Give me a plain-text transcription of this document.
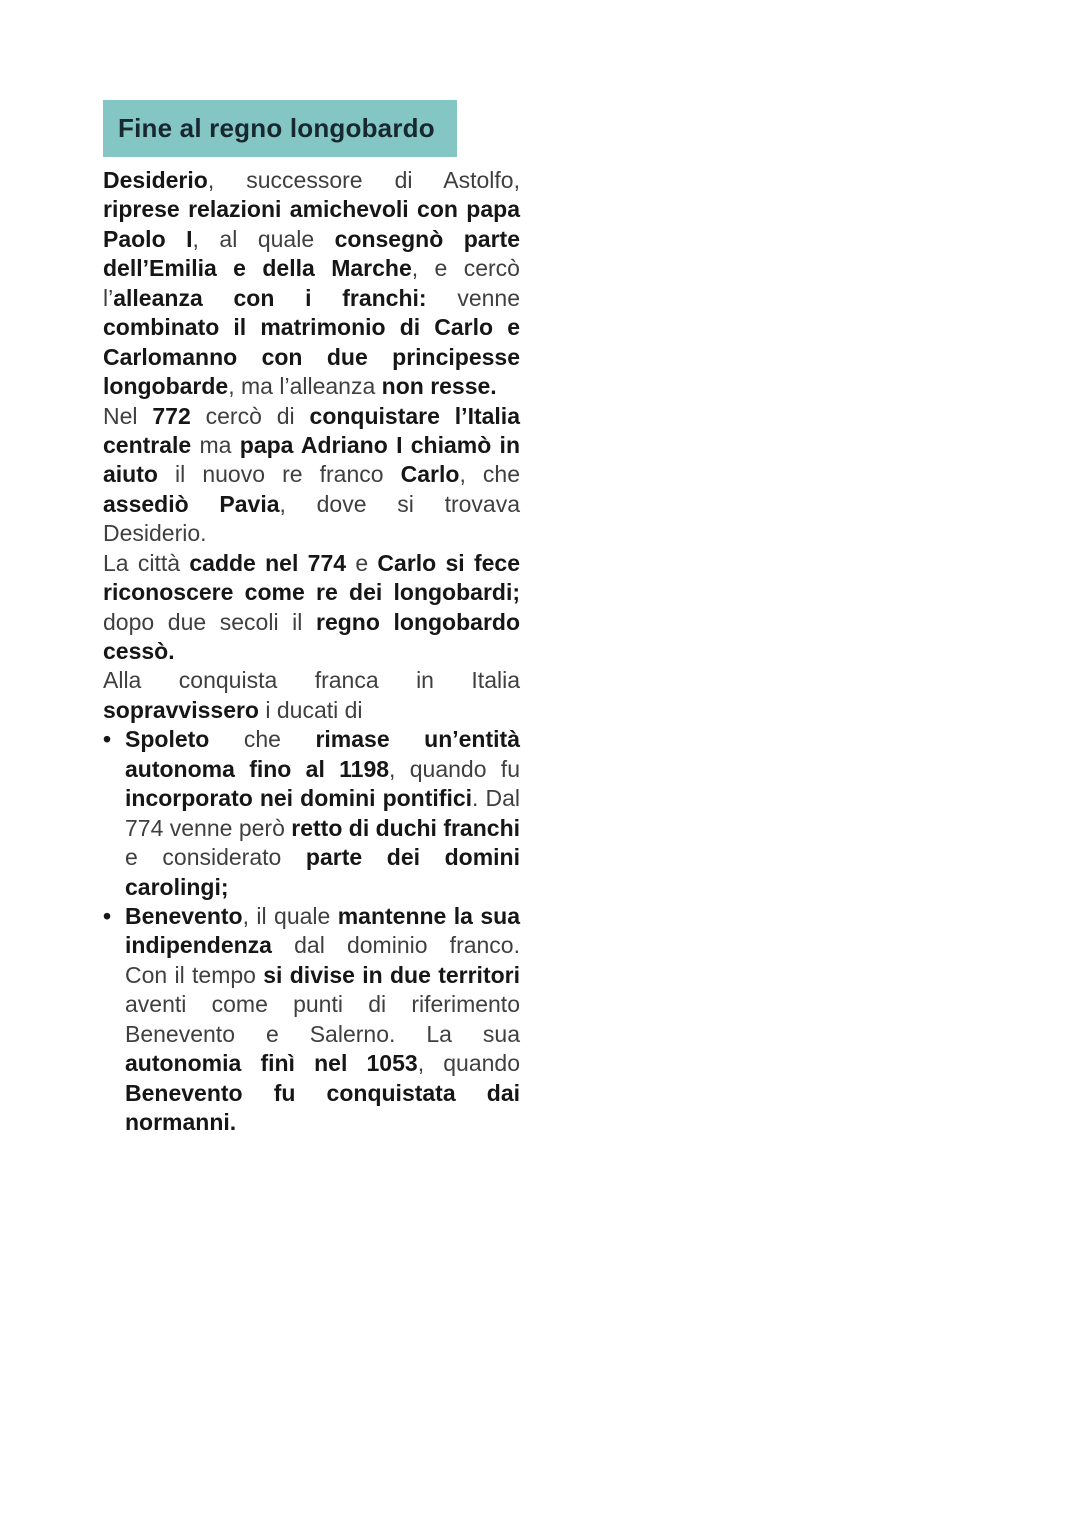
Fine al regno longobardo
Desiderio, successore di Astolfo, riprese relazioni amichevoli con papa Paolo I, al quale consegnò parte dell’Emilia e della Marche, e cercò l’alleanza con i franchi: venne combinato il matrimonio di Carlo e Carlomanno con due principesse longobarde, ma l’alleanza non resse.
Nel 772 cercò di conquistare l’Italia centrale ma papa Adriano I chiamò in aiuto il nuovo re franco Carlo, che assediò Pavia, dove si trovava Desiderio.
La città cadde nel 774 e Carlo si fece riconoscere come re dei longobardi; dopo due secoli il regno longobardo cessò.
Alla conquista franca in Italia sopravvissero i ducati di
• Spoleto che rimase un’entità autonoma fino al 1198, quando fu incorporato nei domini pontifici. Dal 774 venne però retto di duchi franchi e considerato parte dei domini carolingi;
• Benevento, il quale mantenne la sua indipendenza dal dominio franco. Con il tempo si divise in due territori aventi come punti di riferimento Benevento e Salerno. La sua autonomia finì nel 1053, quando Benevento fu conquistata dai normanni.
